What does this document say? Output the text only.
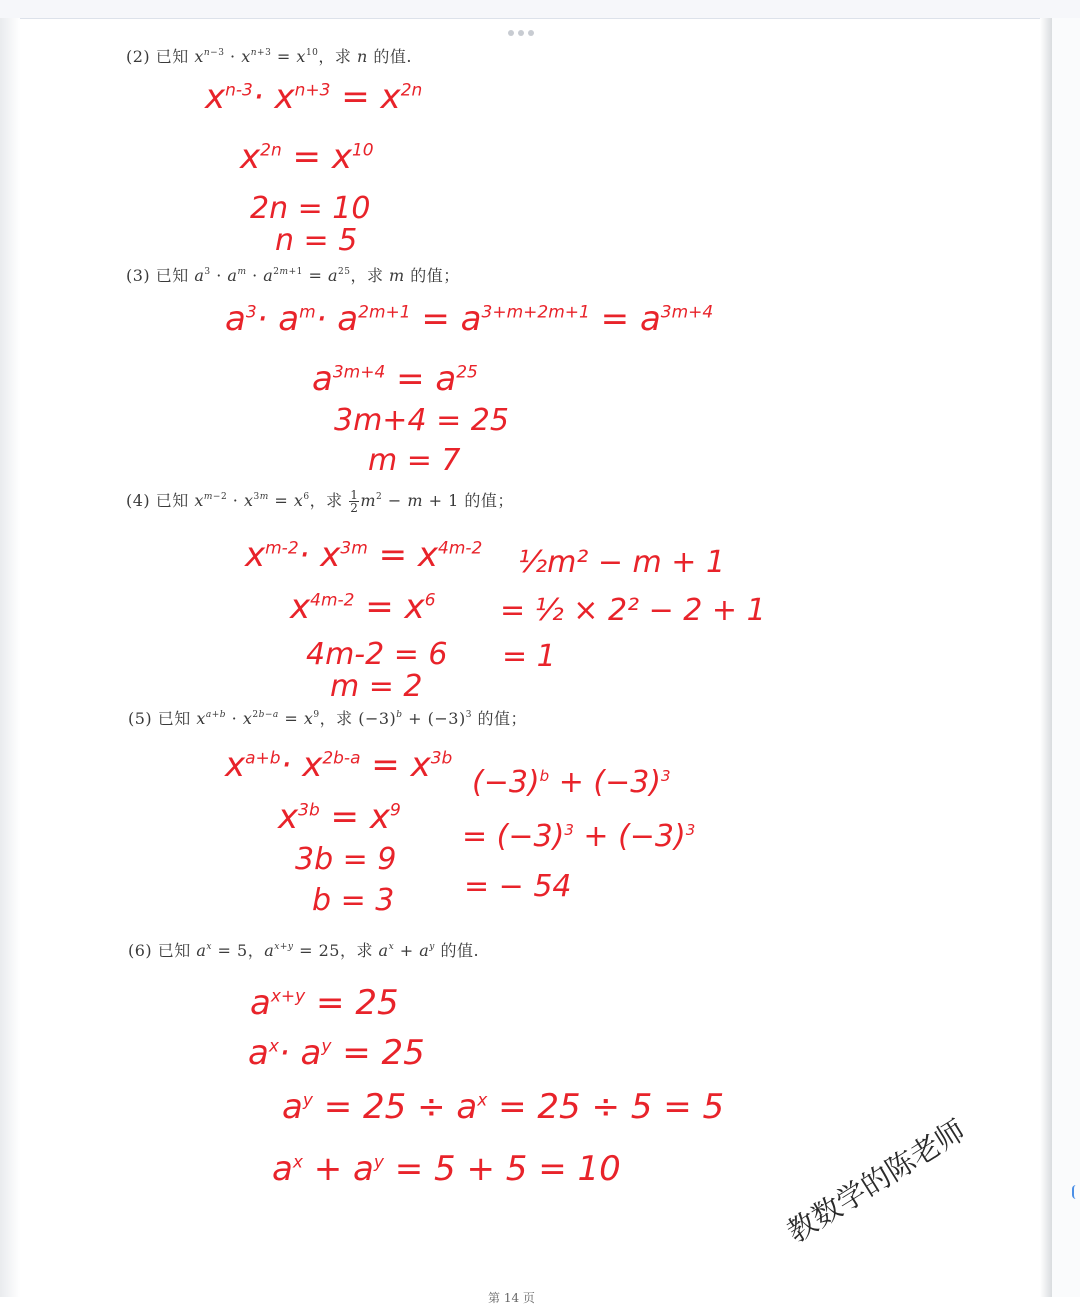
(2) 已知 $x^{n-3} \cdot x^{n+3} = x^{10}$，求 n 的值.
$x^{n-3}\cdot x^{n+3} = x^{2n}$
$x^{2n} = x^{10}$
2n = 10
n = 5
(3) 已知 $a^3 \cdot a^m \cdot a^{2m+1} = a^{25}$，求 m 的值；
$a^3\cdot a^m\cdot a^{2m+1} = a^{3+m+2m+1} = a^{3m+4}$
$a^{3m+4} = a^{25}$
3m+4 = 25
m = 7
(4) 已知 $x^{m-2} \cdot x^{3m} = x^6$，求 $\frac{1}{2} m^2 - m + 1$ 的值；
$x^{m-2}\cdot x^{3m} = x^{4m-2}$
$x^{4m-2} = x^6$
4m-2 = 6
m = 2
½m² − m + 1
= ½ × 2² − 2 + 1
= 1
(5) 已知 $x^{a+b} \cdot x^{2b-a} = x^9$，求 $(-3)^b + (-3)^3$ 的值；
$x^{a+b}\cdot x^{2b-a} = x^{3b}$
$x^{3b} = x^9$
3b = 9
b = 3
$(-3)^b + (-3)^3$
= $(-3)^3 + (-3)^3$
= − 54
(6) 已知 $a^x = 5$，$a^{x+y} = 25$，求 $a^x + a^y$ 的值.
$a^{x+y} = 25$
$a^x\cdot a^y = 25$
$a^y = 25 \div a^x = 25 \div 5 = 5$
$a^x + a^y = 5 + 5 = 10$	教数学的陈老师
第 14 页
